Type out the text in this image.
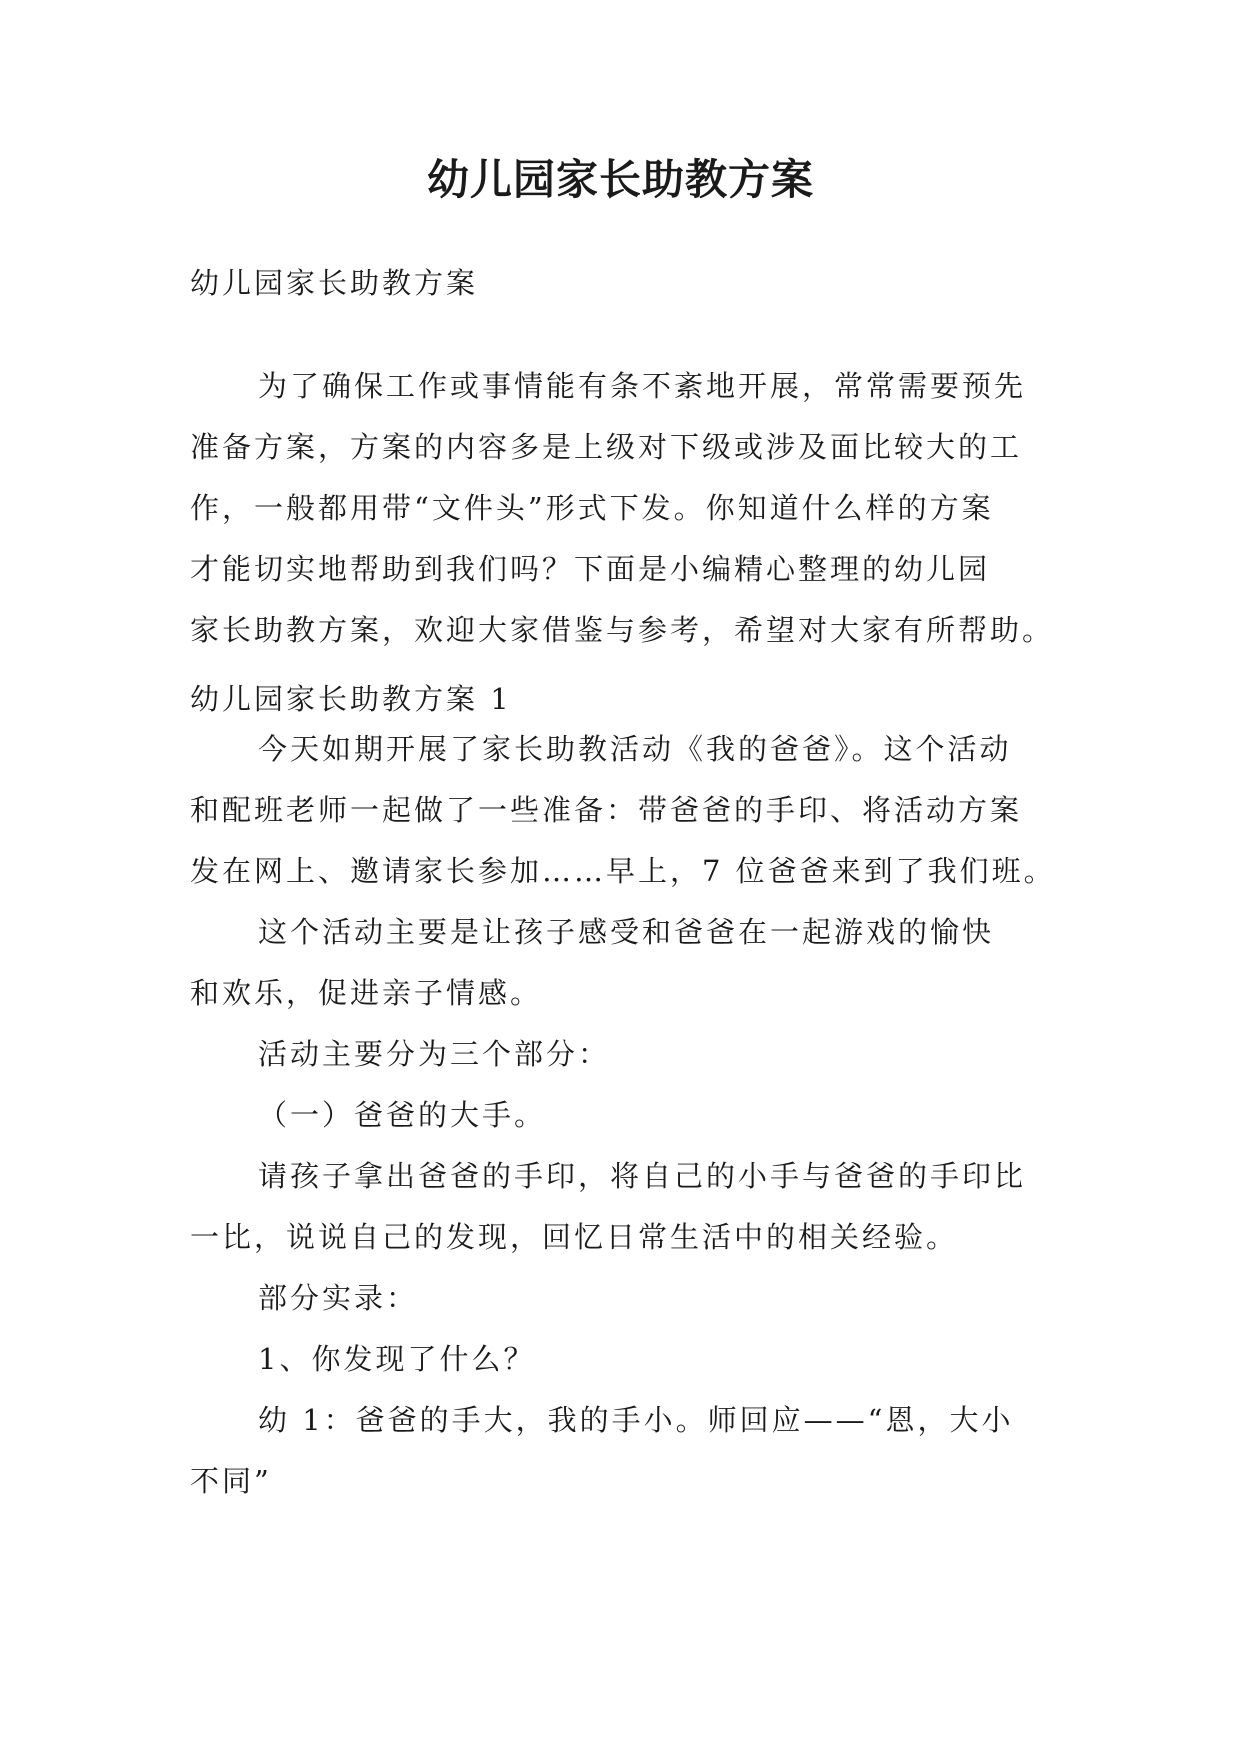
幼儿园家长助教方案
幼儿园家长助教方案
为了确保工作或事情能有条不紊地开展，常常需要预先
准备方案，方案的内容多是上级对下级或涉及面比较大的工
作，一般都用带“文件头”形式下发。你知道什么样的方案
才能切实地帮助到我们吗？下面是小编精心整理的幼儿园
家长助教方案，欢迎大家借鉴与参考，希望对大家有所帮助。
幼儿园家长助教方案 1
今天如期开展了家长助教活动《我的爸爸》。这个活动
和配班老师一起做了一些准备：带爸爸的手印、将活动方案
发在网上、邀请家长参加……早上，7 位爸爸来到了我们班。
这个活动主要是让孩子感受和爸爸在一起游戏的愉快
和欢乐，促进亲子情感。
活动主要分为三个部分：
（一）爸爸的大手。
请孩子拿出爸爸的手印，将自己的小手与爸爸的手印比
一比，说说自己的发现，回忆日常生活中的相关经验。
部分实录：
1、你发现了什么？
幼 1：爸爸的手大，我的手小。师回应——“恩，大小
不同”
